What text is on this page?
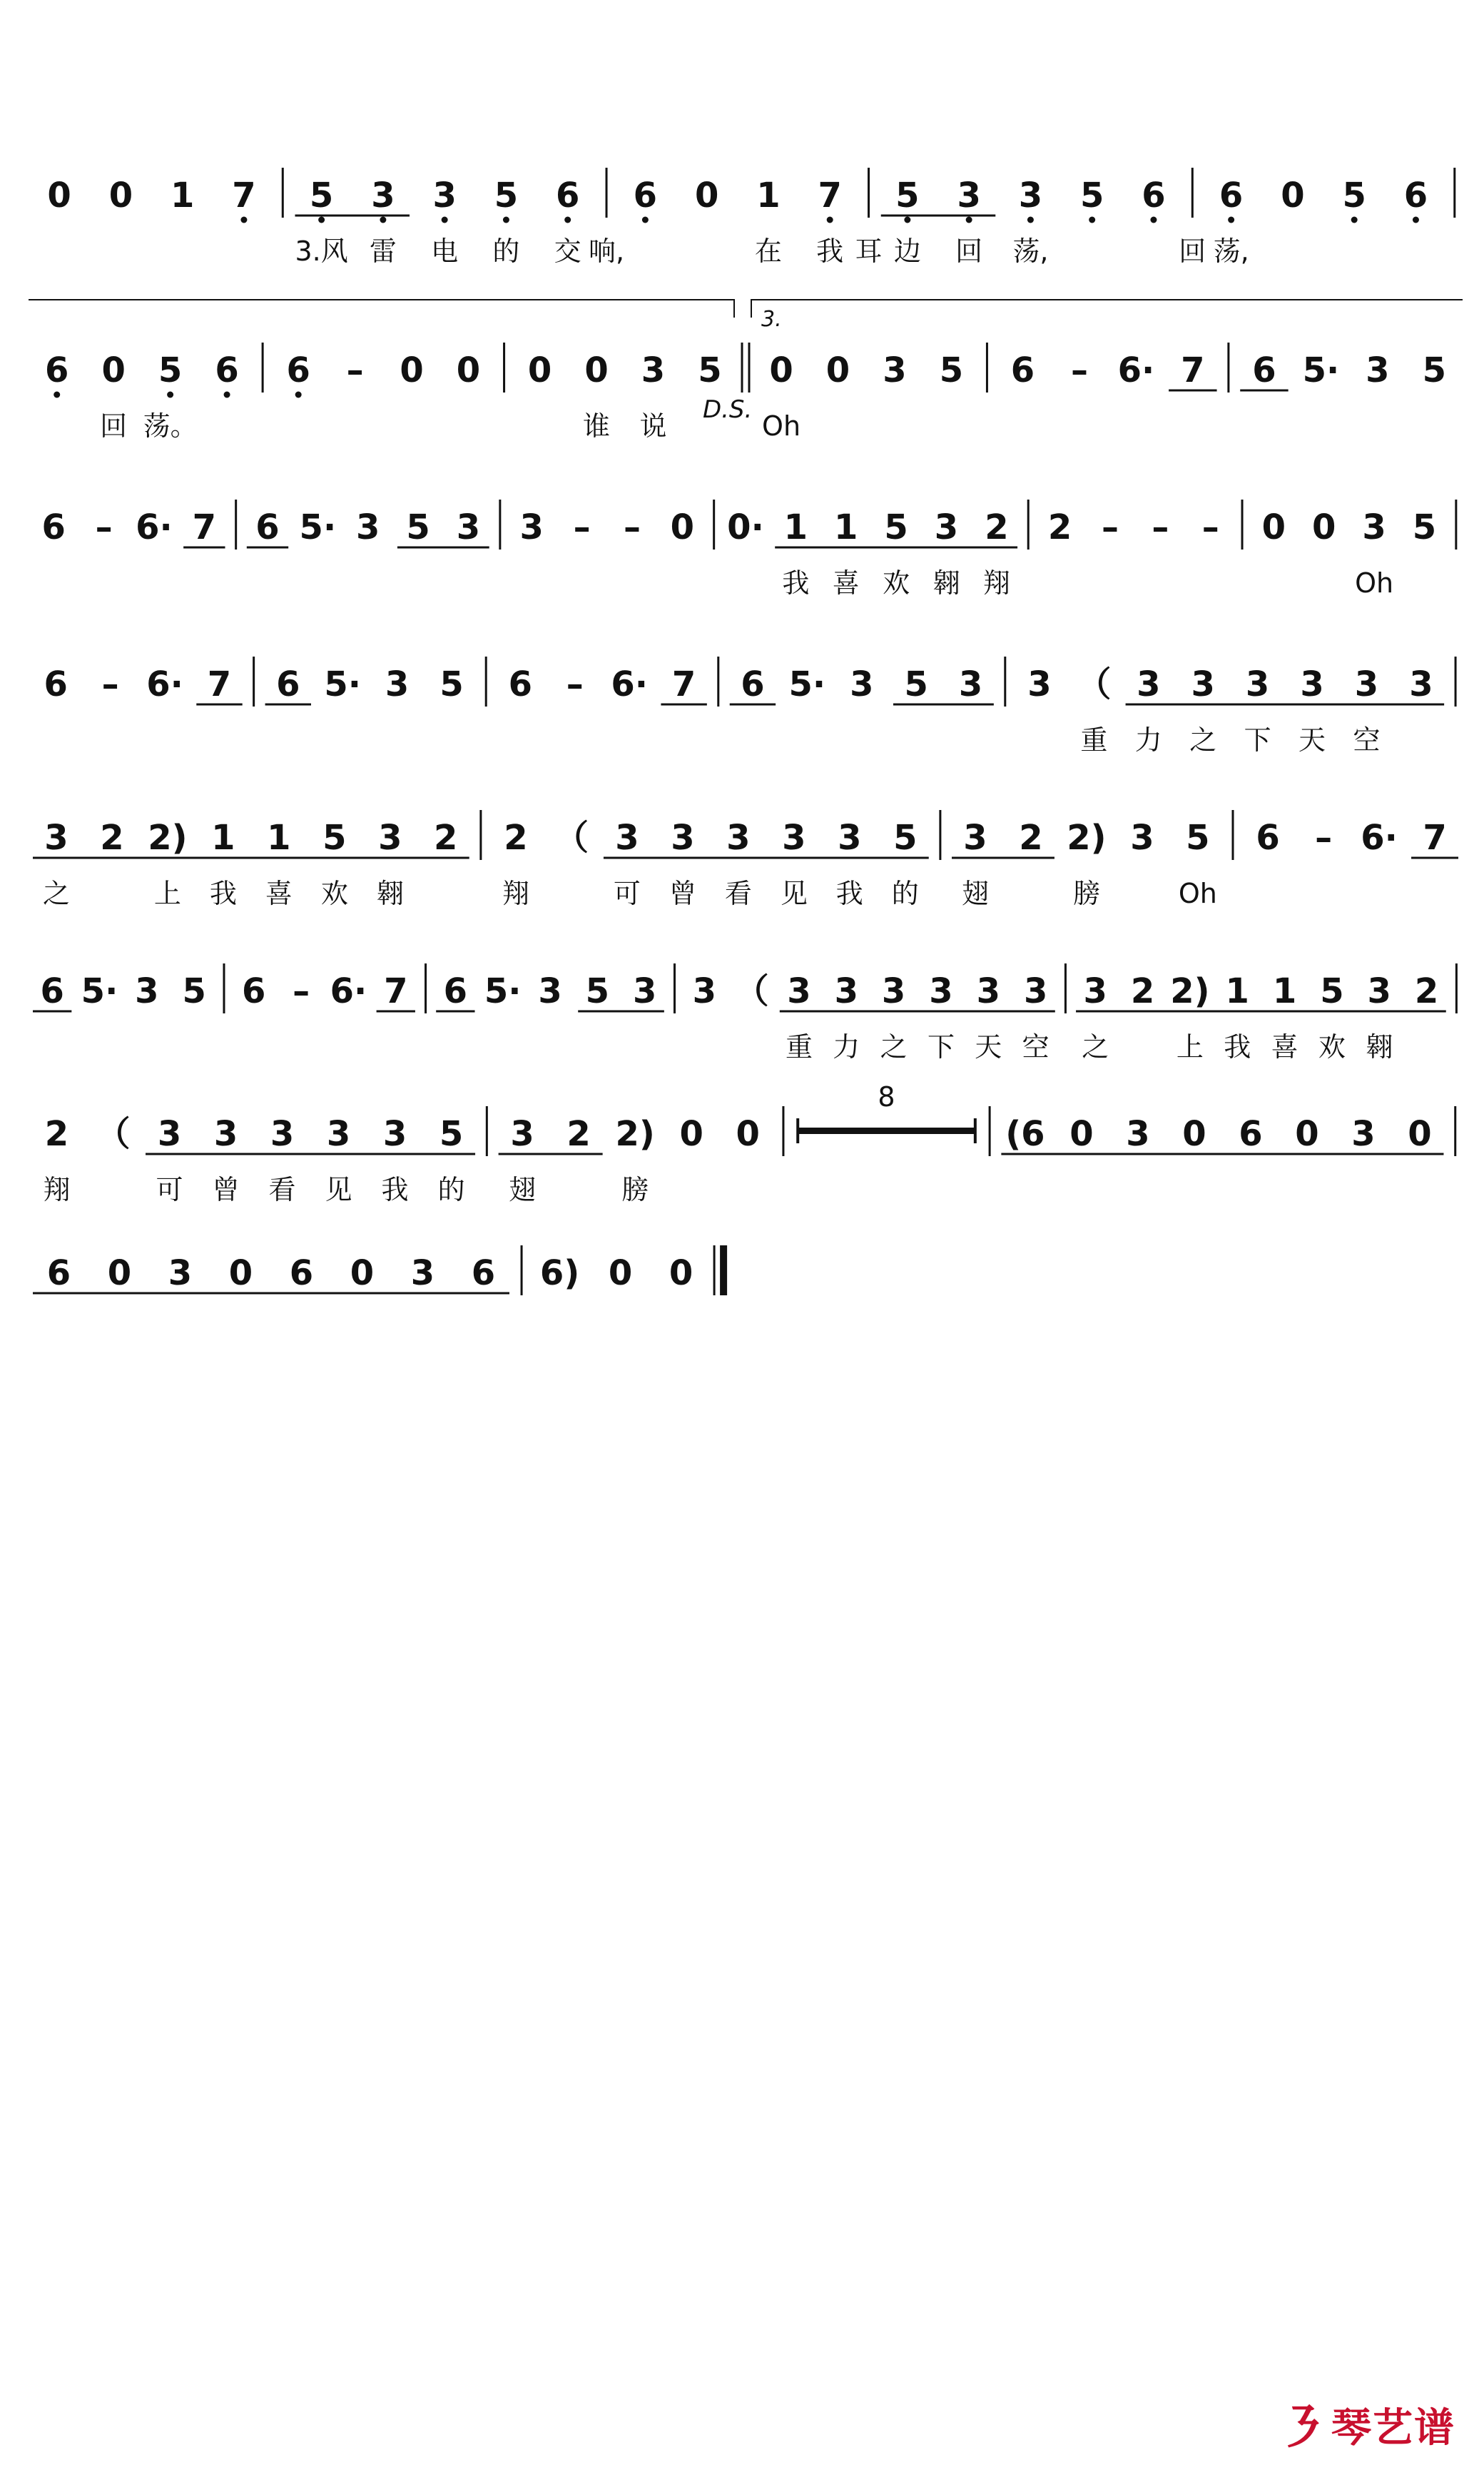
0 0 1 7 5 3 3 5 6 6 0 1 7 5 3 3 5 6 6 0 5 6
3.风 雷 电 的 交 响,	在 我 耳 边 回 荡,	回 荡,
6 0 5 6 6 – 0 0 0 0 3 5 0 0 3 5 6 – 6· 7 6 5· 3 5
回 荡。	谁 说	Oh
3.
D.S.
6 – 6· 7 6 5· 3 5 3 3 – – 0 0· 1 1 5 3 2 2 – – – 0 0 3 5
我 喜 欢 翱 翔	Oh
6 – 6· 7 6 5· 3 5 6 – 6· 7 6 5· 3 5 3 3 （ 3 3 3 3 3 3
重 力 之 下 天 空
3 2 2) 1 1 5 3 2 2 （ 3 3 3 3 3 5 3 2 2) 3 5 6 – 6· 7
之	上 我 喜 欢 翱	翔	可 曾 看 见 我 的 翅	膀	Oh
6 5· 3 5 6 – 6· 7 6 5· 3 5 3 3 （ 3 3 3 3 3 3 3 2 2) 1 1 5 3 2
重 力 之 下 天 空 之 上 我 喜 欢 翱
2 （ 3 3 3 3 3 5 3 2 2) 0 0
8
(6 0 3 0 6 0 3 0
翔	可 曾 看 见 我 的 翅	膀
6 0 3 0 6 0 3 6 6) 0 0
㇋ 琴艺谱
